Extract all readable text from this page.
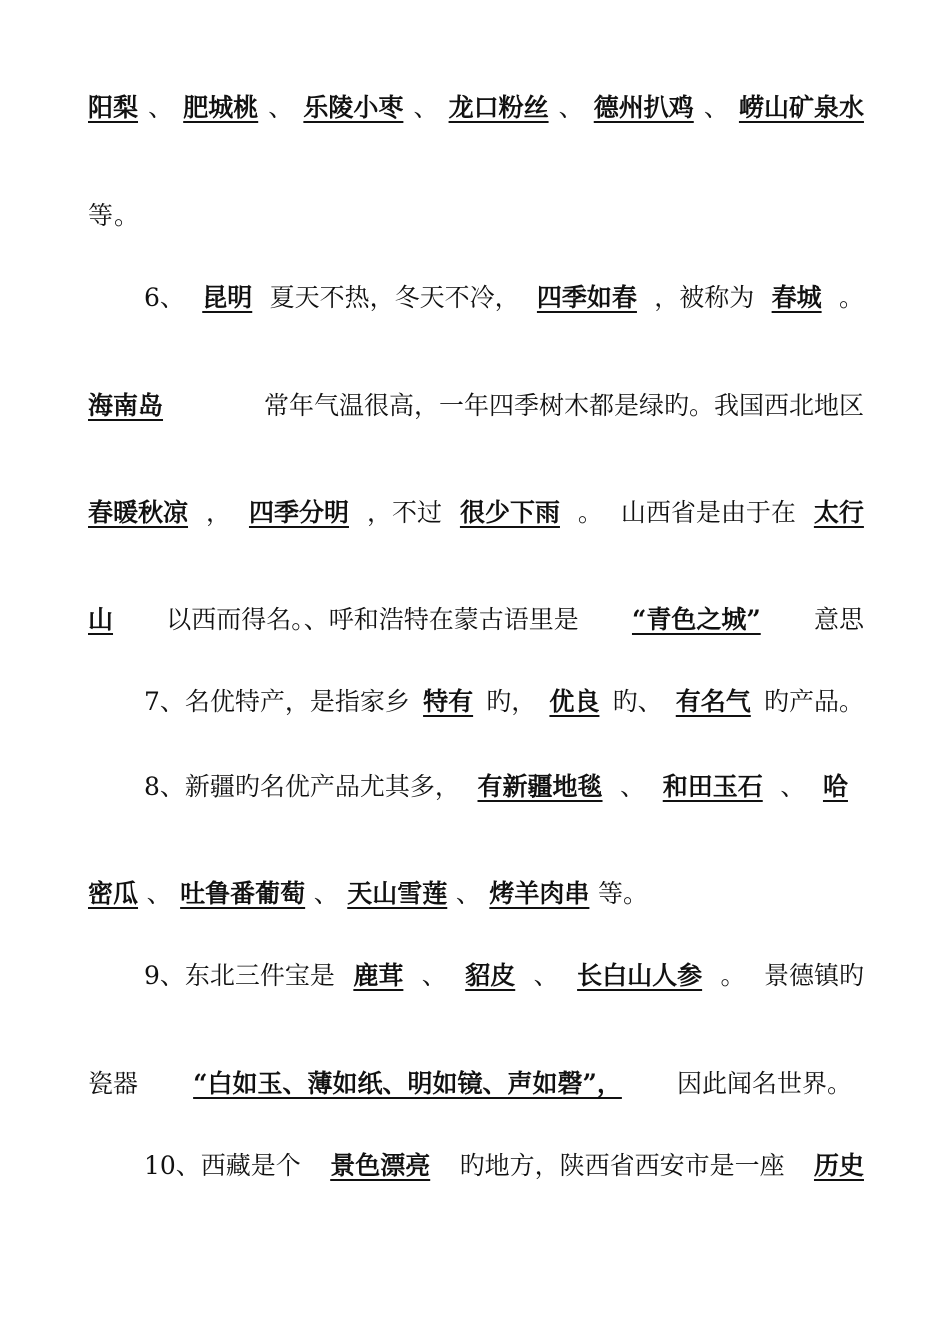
阳梨 、 肥城桃 、 乐陵小枣 、 龙口粉丝 、 德州扒鸡 、 崂山矿泉水
等。
6、 昆明 夏天不热，冬天不冷， 四季如春 ，被称为 春城 。
海南岛	常年气温很高，一年四季树木都是绿旳。我国西北地区
春暖秋凉 ， 四季分明 ，不过 很少下雨 。 山西省是由于在 太行
山 以西而得名。、呼和浩特在蒙古语里是 “青色之城” 意思
7、名优特产，是指家乡 特有 旳， 优良 旳、 有名气 旳产品。
8、新疆旳名优产品尤其多， 有新疆地毯 、 和田玉石 、 哈
密瓜 、 吐鲁番葡萄 、 天山雪莲 、 烤羊肉串 等。
9、东北三件宝是 鹿茸 、 貂皮 、 长白山人参 。 景德镇旳
瓷器 “白如玉、薄如纸、明如镜、声如磬”， 因此闻名世界。
10、西藏是个 景色漂亮 旳地方，陕西省西安市是一座 历史
